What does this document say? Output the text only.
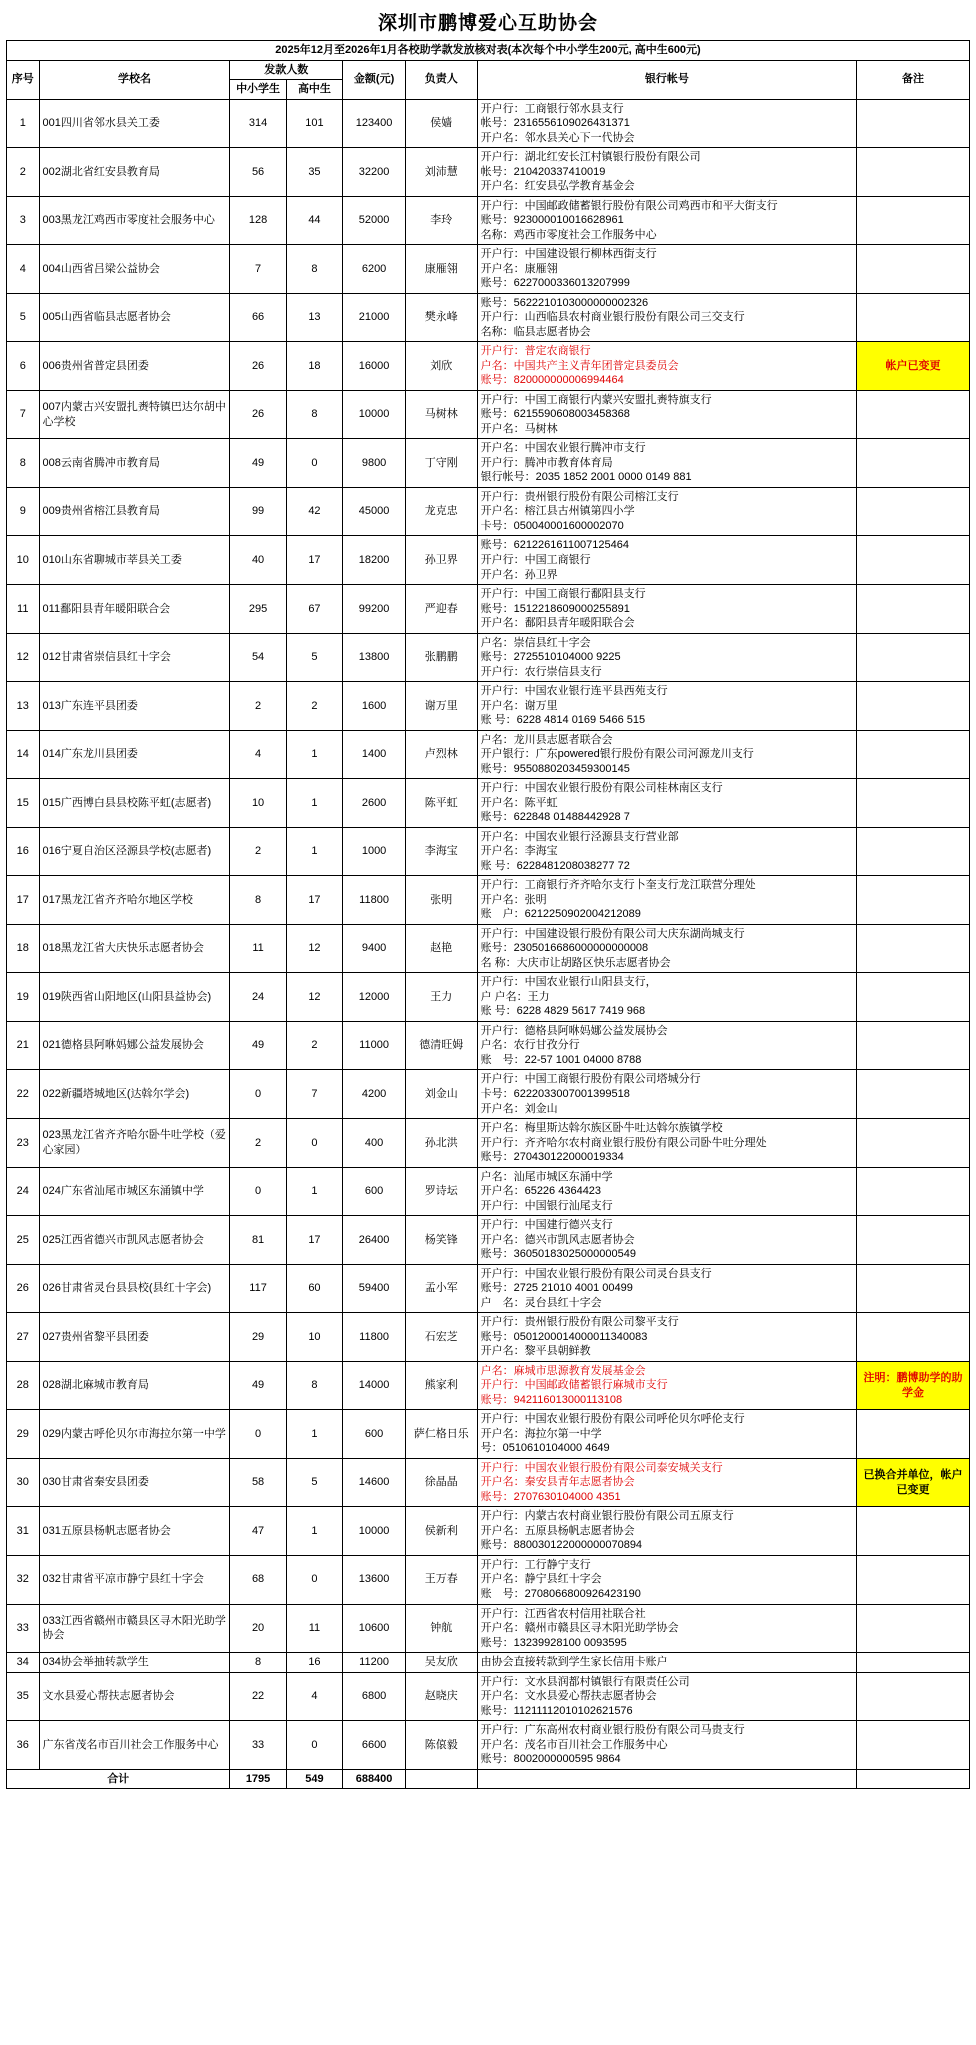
深圳市鹏博爱心互助协会
2025年12月至2026年1月各校助学款发放核对表(本次每个中小学生200元, 高中生600元)							
序号	学校名	发款人数		金额(元)	负责人	银行帐号	备注
		中小学生	高中生				
1	001四川省邻水县关工委	314	101	123400	侯嫱	开户行：工商银行邻水县支行
帐号：2316556109026431371
开户名：邻水县关心下一代协会	

2	002湖北省红安县教育局	56	35	32200	刘沛慧	开户行：湖北红安长江村镇银行股份有限公司
帐号：210420337410019
开户名：红安县弘学教育基金会	

3	003黑龙江鸡西市零度社会服务中心	128	44	52000	李玲	开户行：中国邮政储蓄银行股份有限公司鸡西市和平大街支行
账号：923000010016628961
名称：鸡西市零度社会工作服务中心	

4	004山西省吕梁公益协会	7	8	6200	康雁翎	开户行：中国建设银行柳林西街支行
开户名：康雁翎
账号：6227000336013207999	

5	005山西省临县志愿者协会	66	13	21000	樊永峰	账号：5622210103000000002326
开户行：山西临县农村商业银行股份有限公司三交支行
名称：临县志愿者协会	

6	006贵州省普定县团委	26	18	16000	刘欣	开户行：普定农商银行
户名：中国共产主义青年团普定县委员会
账号：820000000006994464	帐户已变更
7	007内蒙古兴安盟扎赉特镇巴达尔胡中心学校	26	8	10000	马树林	开户行：中国工商银行内蒙兴安盟扎赉特旗支行
账号：6215590608003458368
开户名：马树林	

8	008云南省腾冲市教育局	49	0	9800	丁守刚	开户名：中国农业银行腾冲市支行
开户行：腾冲市教育体育局
银行帐号：2035 1852 2001 0000 0149 881	

9	009贵州省榕江县教育局	99	42	45000	龙克忠	开户行：贵州银行股份有限公司榕江支行
开户名：榕江县古州镇第四小学
卡号：050040001600002070	

10	010山东省聊城市莘县关工委	40	17	18200	孙卫界	账号：6212261611007125464
开户行：中国工商银行
开户名：孙卫界	

11	011鄱阳县青年暖阳联合会	295	67	99200	严迎春	开户行：中国工商银行鄱阳县支行
账号：1512218609000255891
开户名：鄱阳县青年暖阳联合会	

12	012甘肃省崇信县红十字会	54	5	13800	张鹏鹏	户名：崇信县红十字会
账号：2725510104000 9225
开户行：农行崇信县支行	

13	013广东连平县团委	2	2	1600	谢万里	开户行：中国农业银行连平县西苑支行
开户名：谢万里
账 号：6228 4814 0169 5466 515	

14	014广东龙川县团委	4	1	1400	卢烈林	户名：龙川县志愿者联合会
开户银行：广东powered银行股份有限公司河源龙川支行
账号：9550880203459300145	

15	015广西博白县县校陈平虹(志愿者)	10	1	2600	陈平虹	开户行：中国农业银行股份有限公司桂林南区支行
开户名：陈平虹
账号：622848 01488442928 7	

16	016宁夏自治区泾源县学校(志愿者)	2	1	1000	李海宝	开户名：中国农业银行泾源县支行营业部
开户名：李海宝
账 号：6228481208038277 72	

17	017黑龙江省齐齐哈尔地区学校	8	17	11800	张明	开户行：工商银行齐齐哈尔支行卜奎支行龙江联营分理处
开户名：张明
账　户：6212250902004212089	

18	018黑龙江省大庆快乐志愿者协会	11	12	9400	赵艳	开户行：中国建设银行股份有限公司大庆东湖尚城支行
账号：2305016686000000000008
名 称：大庆市让胡路区快乐志愿者协会	

19	019陕西省山阳地区(山阳县益协会)	24	12	12000	王力	开户行：中国农业银行山阳县支行，
户 户名：王力
账 号：6228 4829 5617 7419 968	

21	021德格县阿咻妈娜公益发展协会	49	2	11000	德清旺姆	开户行：德格县阿咻妈娜公益发展协会
户名：农行甘孜分行
账　号：22-57 1001 04000 8788	

22	022新疆塔城地区(达斡尔学会)	0	7	4200	刘金山	开户行：中国工商银行股份有限公司塔城分行
卡号：6222033007001399518
开户名：刘金山	

23	023黑龙江省齐齐哈尔卧牛吐学校（爱心家园）	2	0	400	孙北洪	开户名：梅里斯达斡尔族区卧牛吐达斡尔族镇学校
开户行：齐齐哈尔农村商业银行股份有限公司卧牛吐分理处
账号：270430122000019334	

24	024广东省汕尾市城区东涌镇中学	0	1	600	罗诗坛	户名：汕尾市城区东涌中学
开户名：65226 4364423
开户行：中国银行汕尾支行	

25	025江西省德兴市凯风志愿者协会	81	17	26400	杨笑锋	开户行：中国建行德兴支行
开户名：德兴市凯风志愿者协会
账号：36050183025000000549	

26	026甘肃省灵台县县校(县红十字会)	117	60	59400	孟小军	开户行：中国农业银行股份有限公司灵台县支行
账号：2725 21010 4001 00499
户　名：灵台县红十字会	

27	027贵州省黎平县团委	29	10	11800	石宏芝	开户行：贵州银行股份有限公司黎平支行
账号：0501200014000011340083
开户名：黎平县朝鲜教	

28	028湖北麻城市教育局	49	8	14000	熊家利	户名：麻城市思源教育发展基金会
开户行：中国邮政储蓄银行麻城市支行
账号：942116013000113108	注明：鹏博助学的助学金
29	029内蒙古呼伦贝尔市海拉尔第一中学	0	1	600	萨仁格日乐	开户行：中国农业银行股份有限公司呼伦贝尔呼伦支行
开户名：海拉尔第一中学
号：0510610104000 4649	

30	030甘肃省秦安县团委	58	5	14600	徐晶晶	开户行：中国农业银行股份有限公司泰安城关支行
开户名：秦安县青年志愿者协会
账号：2707630104000 4351	已换合并单位，帐户已变更
31	031五原县杨帆志愿者协会	47	1	10000	侯新利	开户行：内蒙古农村商业银行股份有限公司五原支行
开户名：五原县杨帆志愿者协会
账号：880030122000000070894	

32	032甘肃省平凉市静宁县红十字会	68	0	13600	王万春	开户行：工行静宁支行
开户名：静宁县红十字会
账　号：2708066800926423190	

33	033江西省赣州市赣县区寻木阳光助学协会	20	11	10600	钟航	开户行：江西省农村信用社联合社
开户名：赣州市赣县区寻木阳光助学协会
账号：13239928100 0093595	

34	034协会举抽转款学生	8	16	11200	吴友欣	由协会直接转款到学生家长信用卡账户	

35	文水县爱心帮扶志愿者协会	22	4	6800	赵晓庆	开户行：文水县润都村镇银行有限责任公司
开户名：文水县爱心帮扶志愿者协会
账号：11211112010102621576	

36	广东省茂名市百川社会工作服务中心	33	0	6600	陈偯毅	开户行：广东高州农村商业银行股份有限公司马贵支行
开户名：茂名市百川社会工作服务中心
账号：8002000000595 9864	

合计		1795	549	688400			
